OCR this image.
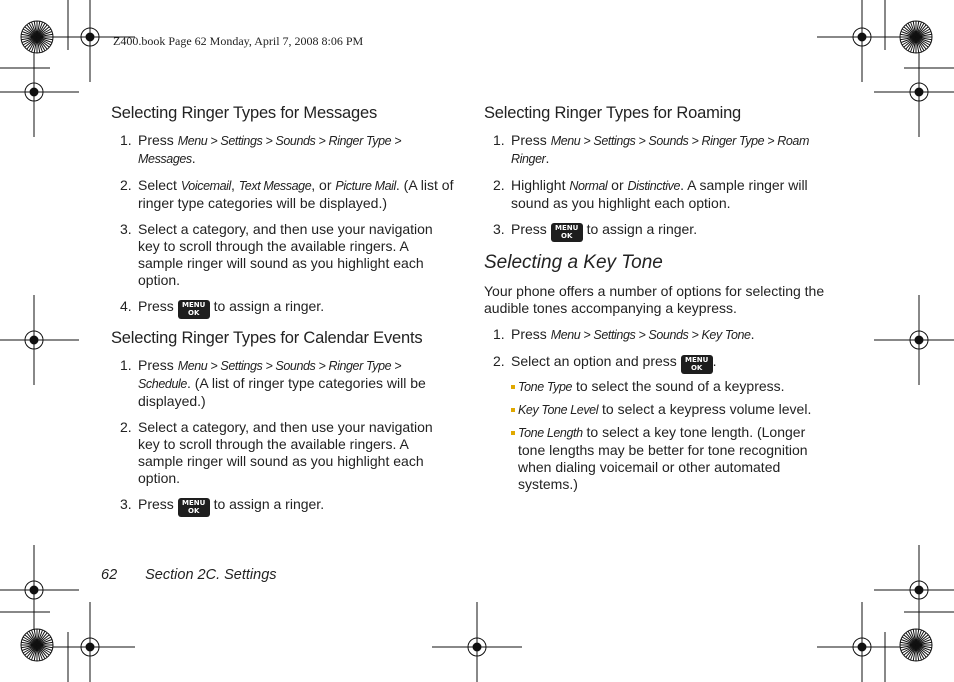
Z400.book Page 62 Monday, April 7, 2008 8:06 PM
Selecting Ringer Types for Messages
1. Press Menu > Settings > Sounds > Ringer Type > Messages.
2. Select Voicemail, Text Message, or Picture Mail. (A list of ringer type categories will be displayed.)
3. Select a category, and then use your navigation key to scroll through the available ringers. A sample ringer will sound as you highlight each option.
4. Press MENU
OK to assign a ringer.
Selecting Ringer Types for Calendar Events
1. Press Menu > Settings > Sounds > Ringer Type > Schedule. (A list of ringer type categories will be displayed.)
2. Select a category, and then use your navigation key to scroll through the available ringers. A sample ringer will sound as you highlight each option.
3. Press MENU
OK to assign a ringer.
Selecting Ringer Types for Roaming
1. Press Menu > Settings > Sounds > Ringer Type > Roam Ringer.
2. Highlight Normal or Distinctive. A sample ringer will sound as you highlight each option.
3. Press MENU
OK to assign a ringer.
Selecting a Key Tone

Your phone offers a number of options for selecting the audible tones accompanying a keypress.

1. Press Menu > Settings > Sounds > Key Tone.
2. Select an option and press MENU
OK .
Tone Type to select the sound of a keypress.
Key Tone Level to select a keypress volume level.
Tone Length to select a key tone length. (Longer tone lengths may be better for tone recognition when dialing voicemail or other automated systems.)
62 Section 2C. Settings
